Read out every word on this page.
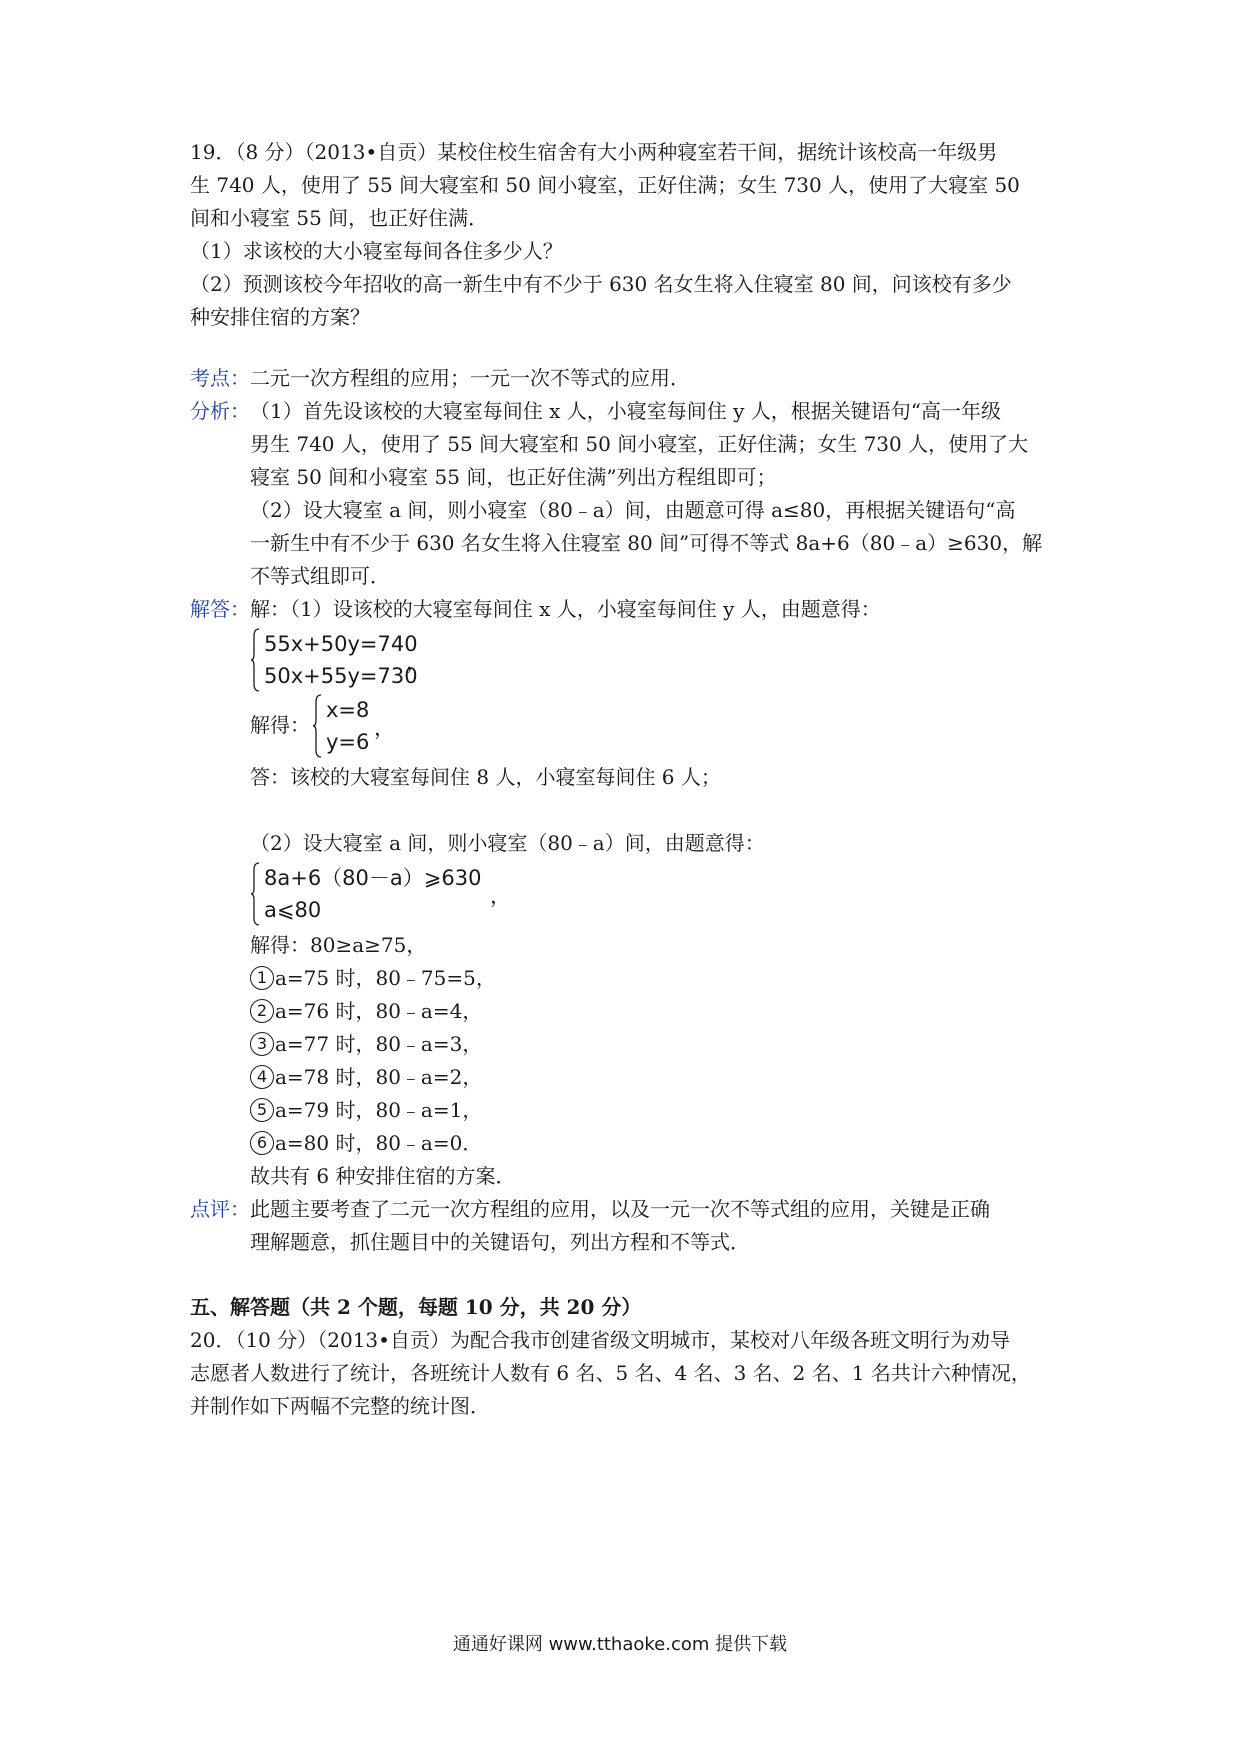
19．（8 分）（2013•自贡）某校住校生宿舍有大小两种寝室若干间，据统计该校高一年级男
生 740 人，使用了 55 间大寝室和 50 间小寝室，正好住满；女生 730 人，使用了大寝室 50
间和小寝室 55 间，也正好住满．
（1）求该校的大小寝室每间各住多少人？
（2）预测该校今年招收的高一新生中有不少于 630 名女生将入住寝室 80 间，问该校有多少
种安排住宿的方案？
考点： 二元一次方程组的应用；一元一次不等式的应用．
分析： （1）首先设该校的大寝室每间住 x 人，小寝室每间住 y 人，根据关键语句“高一年级
男生 740 人，使用了 55 间大寝室和 50 间小寝室，正好住满；女生 730 人，使用了大
寝室 50 间和小寝室 55 间，也正好住满”列出方程组即可；
（2）设大寝室 a 间，则小寝室（80﹣a）间，由题意可得 a≤80，再根据关键语句“高
一新生中有不少于 630 名女生将入住寝室 80 间”可得不等式 8a+6（80﹣a）≥630，解
不等式组即可．
解答： 解：（1）设该校的大寝室每间住 x 人，小寝室每间住 y 人，由题意得：
55x+50y=740
50x+55y=730
，
解得：
x=8
y=6
，
答：该校的大寝室每间住 8 人，小寝室每间住 6 人；
（2）设大寝室 a 间，则小寝室（80﹣a）间，由题意得：
8a+6（80－a）⩾630
a⩽80
，
解得：80≥a≥75，
1 a=75 时，80﹣75=5，
2 a=76 时，80﹣a=4，
3 a=77 时，80﹣a=3，
4 a=78 时，80﹣a=2，
5 a=79 时，80﹣a=1，
6 a=80 时，80﹣a=0．
故共有 6 种安排住宿的方案．
点评： 此题主要考查了二元一次方程组的应用，以及一元一次不等式组的应用，关键是正确
理解题意，抓住题目中的关键语句，列出方程和不等式．
五、解答题（共 2 个题，每题 10 分，共 20 分）
20．（10 分）（2013•自贡）为配合我市创建省级文明城市，某校对八年级各班文明行为劝导
志愿者人数进行了统计，各班统计人数有 6 名、5 名、4 名、3 名、2 名、1 名共计六种情况，
并制作如下两幅不完整的统计图．
通通好课网 www.tthaoke.com 提供下载
